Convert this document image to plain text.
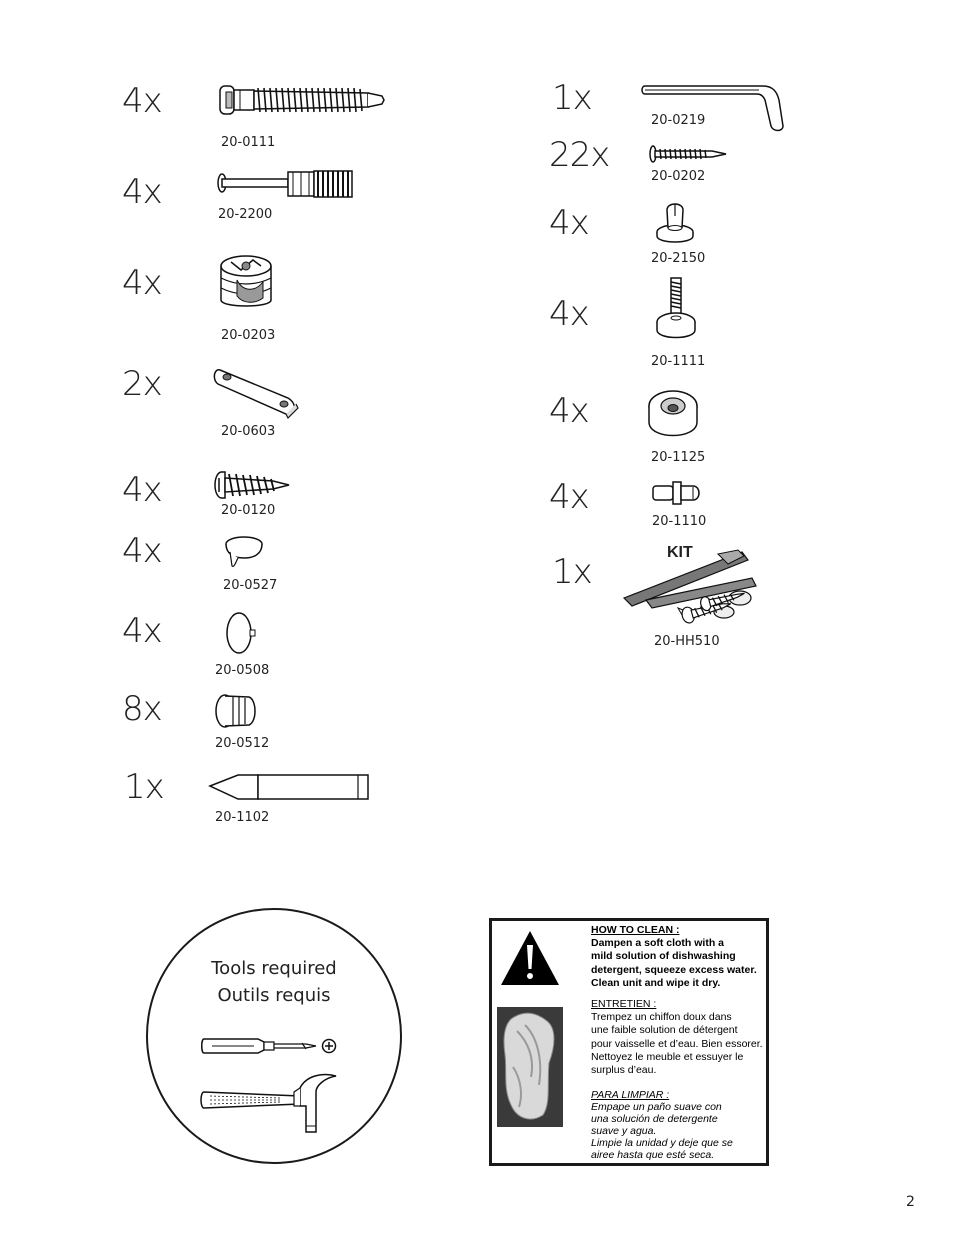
4x
20-0111
4x
20-2200
4x
20-0203
2x
20-0603
4x
20-0120
4x
20-0527
4x
20-0508
8x
20-0512
1x
20-1102
1x
20-0219
22x
20-0202
4x
20-2150
4x
20-1111
4x
20-1125
4x
20-1110
1x	KIT
20-HH510
Tools required
Outils requis
HOW TO CLEAN :
Dampen a soft cloth with a
mild solution of dishwashing
detergent, squeeze excess water.
Clean unit and wipe it dry.
ENTRETIEN :
Trempez un chiffon doux dans
une faible solution de détergent
pour vaisselle et d’eau. Bien essorer.
Nettoyez le meuble et essuyer le
surplus d’eau.
PARA LIMPIAR :
Empape un paño suave con
una solución de detergente
suave y agua.
Limpie la unidad y deje que se
airee hasta que esté seca.
2
